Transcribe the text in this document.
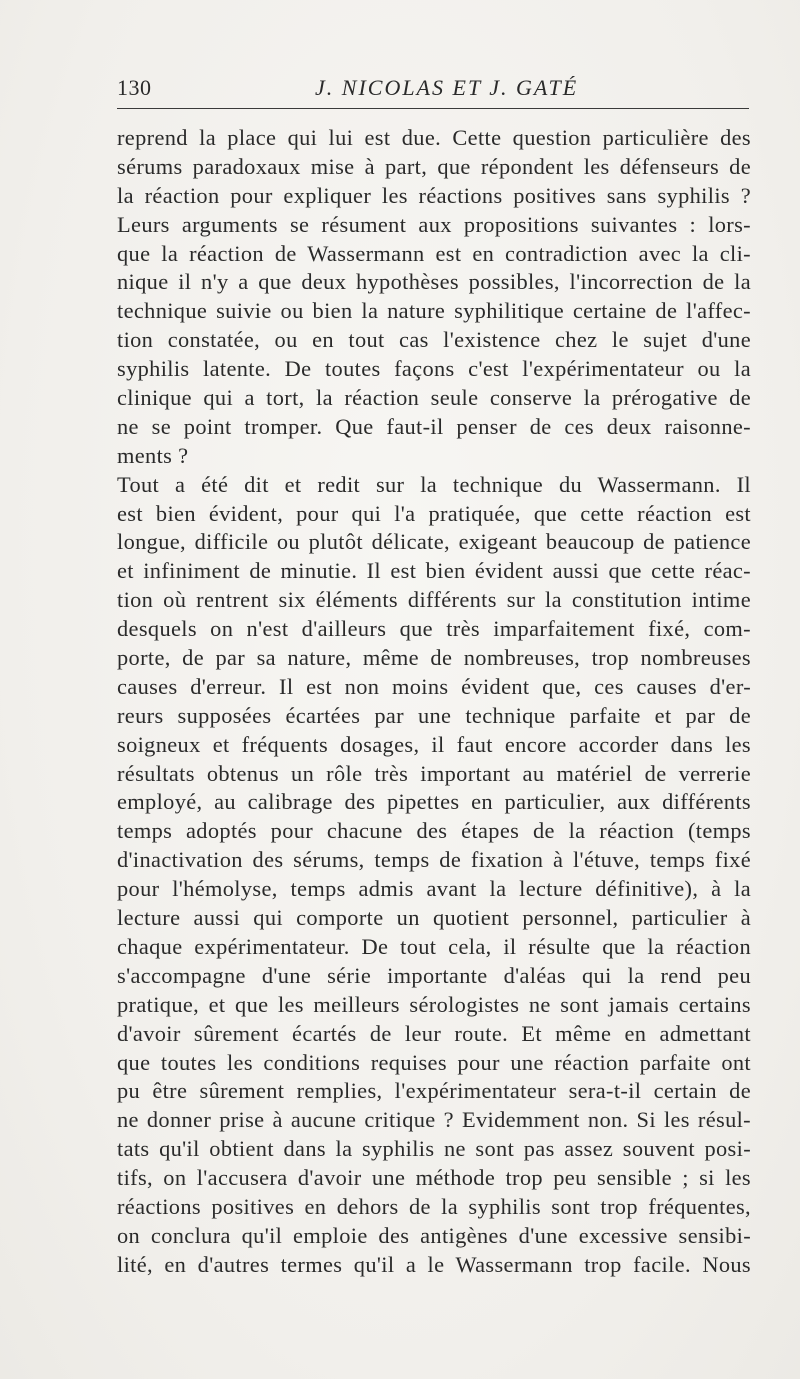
130	J. NICOLAS ET J. GATÉ
reprend la place qui lui est due. Cette question particulière des
sérums paradoxaux mise à part, que répondent les défenseurs de
la réaction pour expliquer les réactions positives sans syphilis ?
Leurs arguments se résument aux propositions suivantes : lors-
que la réaction de Wassermann est en contradiction avec la cli-
nique il n'y a que deux hypothèses possibles, l'incorrection de la
technique suivie ou bien la nature syphilitique certaine de l'affec-
tion constatée, ou en tout cas l'existence chez le sujet d'une
syphilis latente. De toutes façons c'est l'expérimentateur ou la
clinique qui a tort, la réaction seule conserve la prérogative de
ne se point tromper. Que faut-il penser de ces deux raisonne-
ments ?
Tout a été dit et redit sur la technique du Wassermann. Il
est bien évident, pour qui l'a pratiquée, que cette réaction est
longue, difficile ou plutôt délicate, exigeant beaucoup de patience
et infiniment de minutie. Il est bien évident aussi que cette réac-
tion où rentrent six éléments différents sur la constitution intime
desquels on n'est d'ailleurs que très imparfaitement fixé, com-
porte, de par sa nature, même de nombreuses, trop nombreuses
causes d'erreur. Il est non moins évident que, ces causes d'er-
reurs supposées écartées par une technique parfaite et par de
soigneux et fréquents dosages, il faut encore accorder dans les
résultats obtenus un rôle très important au matériel de verrerie
employé, au calibrage des pipettes en particulier, aux différents
temps adoptés pour chacune des étapes de la réaction (temps
d'inactivation des sérums, temps de fixation à l'étuve, temps fixé
pour l'hémolyse, temps admis avant la lecture définitive), à la
lecture aussi qui comporte un quotient personnel, particulier à
chaque expérimentateur. De tout cela, il résulte que la réaction
s'accompagne d'une série importante d'aléas qui la rend peu
pratique, et que les meilleurs sérologistes ne sont jamais certains
d'avoir sûrement écartés de leur route. Et même en admettant
que toutes les conditions requises pour une réaction parfaite ont
pu être sûrement remplies, l'expérimentateur sera-t-il certain de
ne donner prise à aucune critique ? Evidemment non. Si les résul-
tats qu'il obtient dans la syphilis ne sont pas assez souvent posi-
tifs, on l'accusera d'avoir une méthode trop peu sensible ; si les
réactions positives en dehors de la syphilis sont trop fréquentes,
on conclura qu'il emploie des antigènes d'une excessive sensibi-
lité, en d'autres termes qu'il a le Wassermann trop facile. Nous
